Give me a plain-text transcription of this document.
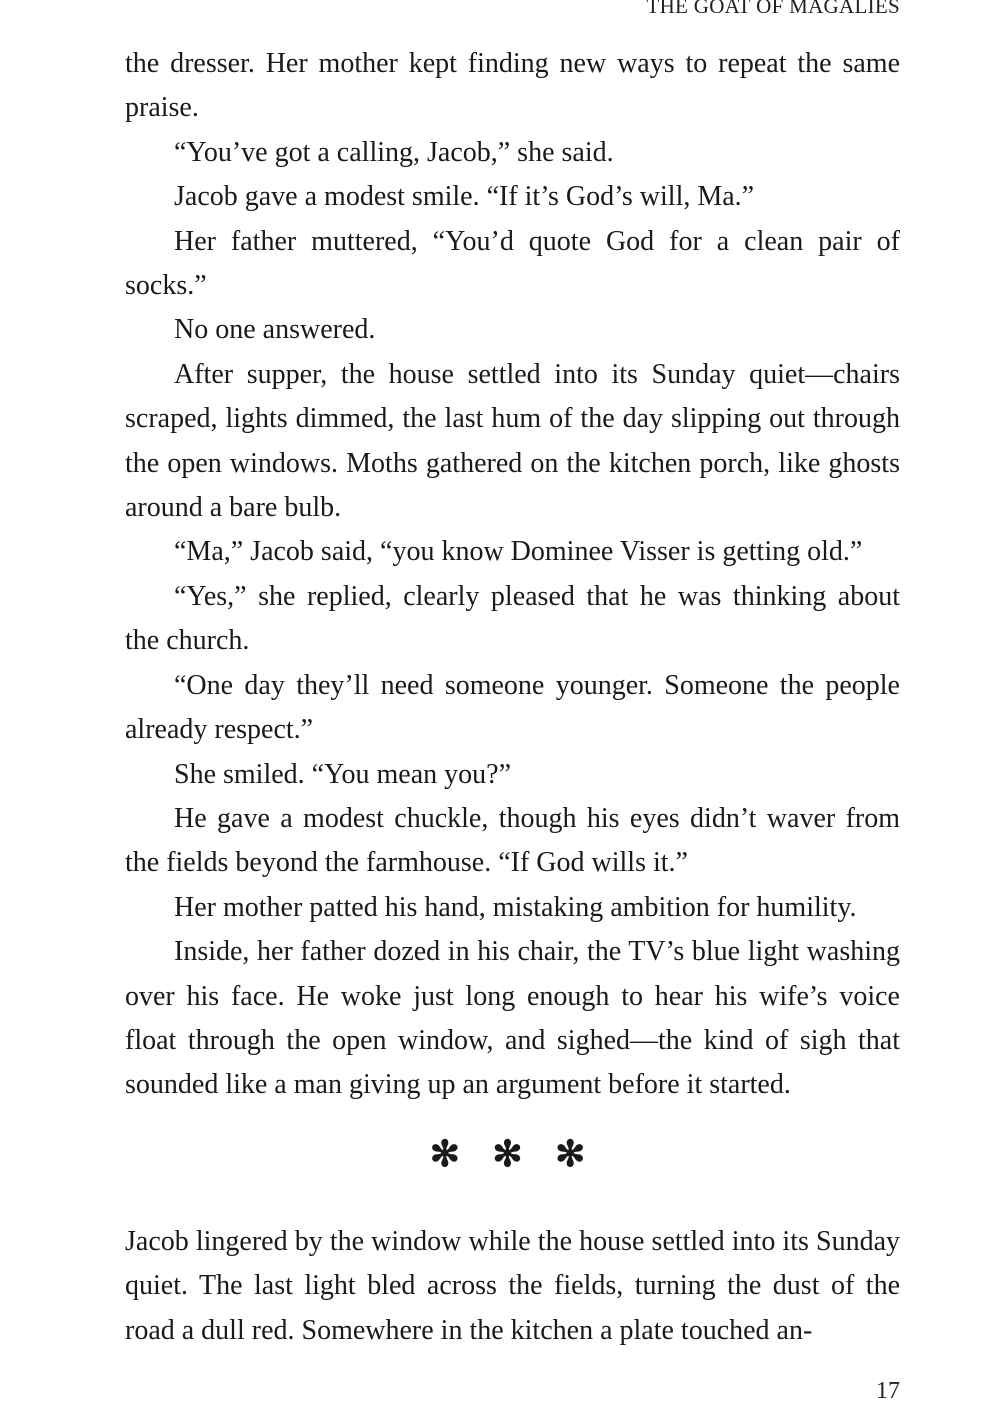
THE GOAT OF MAGALIES

the dresser. Her mother kept finding new ways to repeat the same praise.

“You’ve got a calling, Jacob,” she said.

Jacob gave a modest smile. “If it’s God’s will, Ma.”

Her father muttered, “You’d quote God for a clean pair of socks.”

No one answered.

After supper, the house settled into its Sunday quiet—chairs scraped, lights dimmed, the last hum of the day slipping out through the open windows. Moths gathered on the kitchen porch, like ghosts around a bare bulb.

“Ma,” Jacob said, “you know Dominee Visser is getting old.”

“Yes,” she replied, clearly pleased that he was thinking about the church.

“One day they’ll need someone younger. Someone the people already respect.”

She smiled. “You mean you?”

He gave a modest chuckle, though his eyes didn’t waver from the fields beyond the farmhouse. “If God wills it.”

Her mother patted his hand, mistaking ambition for humility.

Inside, her father dozed in his chair, the TV’s blue light washing over his face. He woke just long enough to hear his wife’s voice float through the open window, and sighed—the kind of sigh that sounded like a man giving up an argument before it started.

✻ ✻ ✻

Jacob lingered by the window while the house settled into its Sunday quiet. The last light bled across the fields, turning the dust of the road a dull red. Somewhere in the kitchen a plate touched an-

17
